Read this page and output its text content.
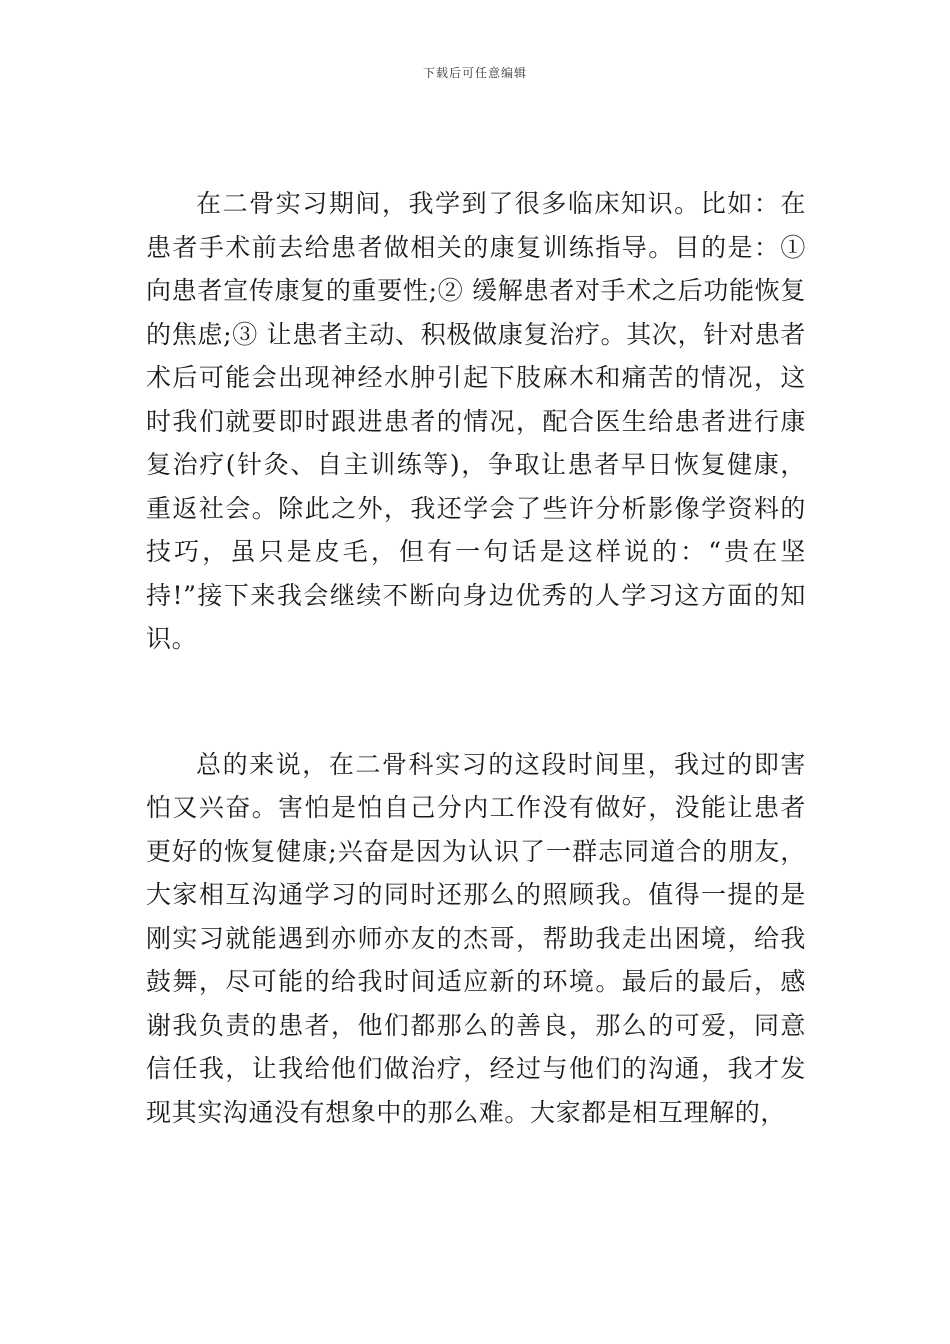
下载后可任意编辑

在二骨实习期间，我学到了很多临床知识。比如：在患者手术前去给患者做相关的康复训练指导。目的是：①向患者宣传康复的重要性;② 缓解患者对手术之后功能恢复的焦虑;③ 让患者主动、积极做康复治疗。其次，针对患者术后可能会出现神经水肿引起下肢麻木和痛苦的情况，这时我们就要即时跟进患者的情况，配合医生给患者进行康复治疗(针灸、自主训练等)，争取让患者早日恢复健康，重返社会。除此之外，我还学会了些许分析影像学资料的技巧，虽只是皮毛，但有一句话是这样说的：“贵在坚持!”接下来我会继续不断向身边优秀的人学习这方面的知识。

总的来说，在二骨科实习的这段时间里，我过的即害怕又兴奋。害怕是怕自己分内工作没有做好，没能让患者更好的恢复健康;兴奋是因为认识了一群志同道合的朋友，大家相互沟通学习的同时还那么的照顾我。值得一提的是刚实习就能遇到亦师亦友的杰哥，帮助我走出困境，给我鼓舞，尽可能的给我时间适应新的环境。最后的最后，感谢我负责的患者，他们都那么的善良，那么的可爱，同意信任我，让我给他们做治疗，经过与他们的沟通，我才发现其实沟通没有想象中的那么难。大家都是相互理解的，
